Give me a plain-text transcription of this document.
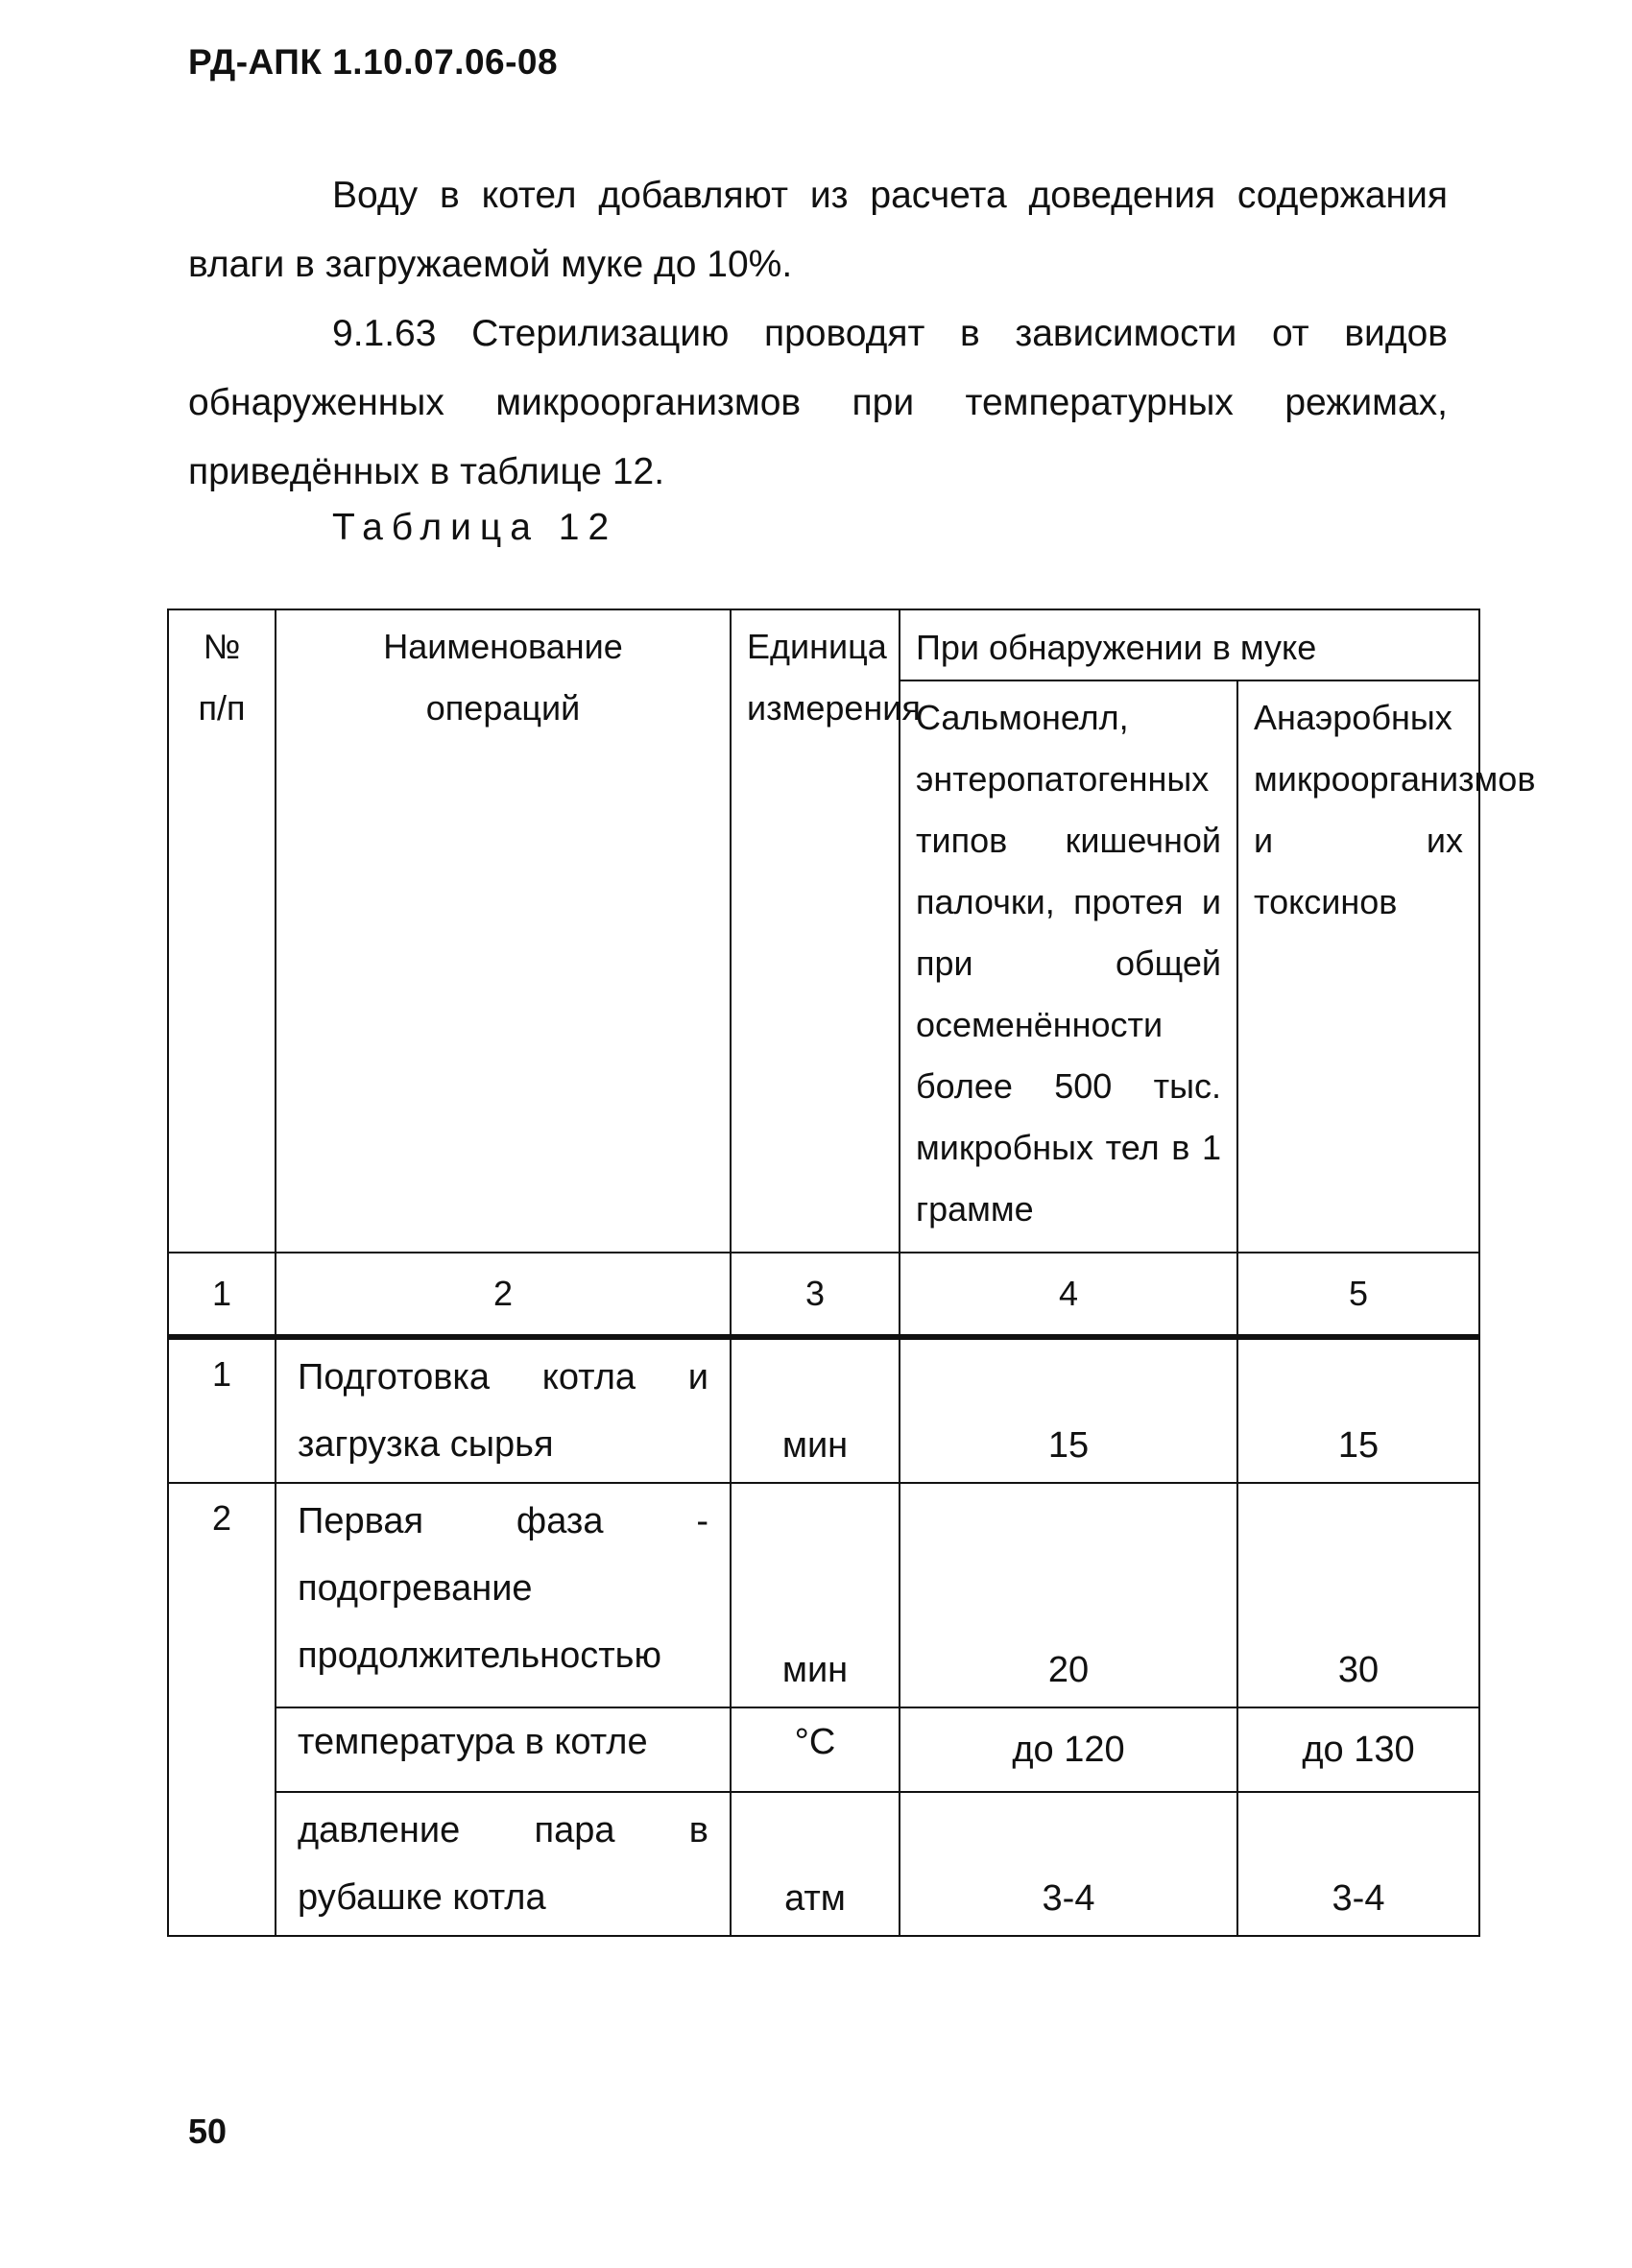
РД-АПК 1.10.07.06-08

Воду в котел добавляют из расчета доведения содержания влаги в загружаемой муке до 10%.

9.1.63 Стерилизацию проводят в зависимости от видов обнаруженных микроорганизмов при температурных режимах, приведённых в таблице 12.

Таблица 12

№ п/п	Наименование операций	Единица измерения	При обнаружении в муке	
			Сальмонелл, энтеропатогенных типов кишечной палочки, протея и при общей осеменённости более 500 тыс. микробных тел в 1 грамме	Анаэробных микроорганизмов и их токсинов
1	2	3	4	5
1	Подготовка котла и загрузка сырья	мин	15	15
2	Первая фаза - подогревание продолжительностью	мин	20	30
	температура в котле	°С	до 120	до 130
	давление пара в рубашке котла	атм	3-4	3-4

50
